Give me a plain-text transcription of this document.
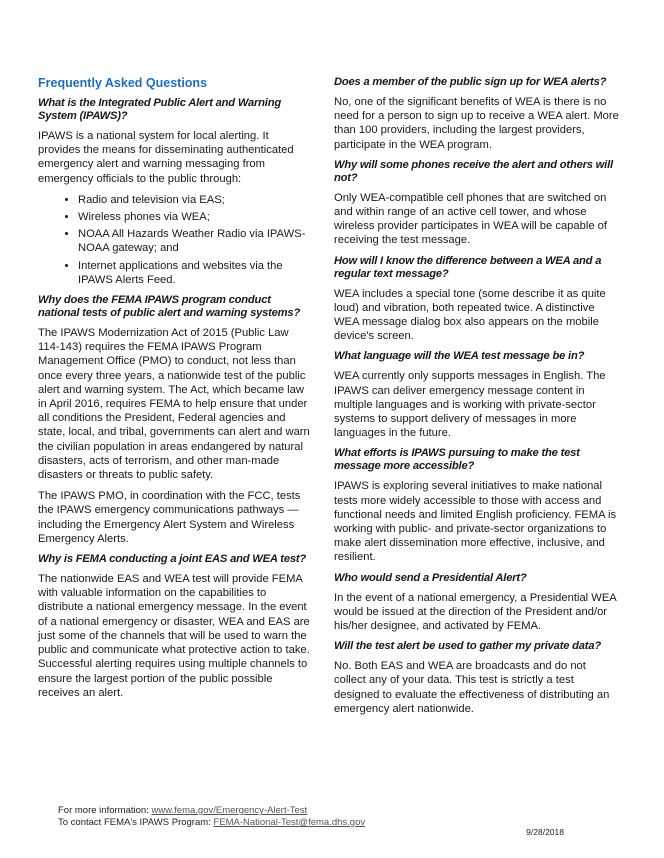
Frequently Asked Questions
What is the Integrated Public Alert and Warning System (IPAWS)?
IPAWS is a national system for local alerting. It provides the means for disseminating authenticated emergency alert and warning messaging from emergency officials to the public through:
• Radio and television via EAS;
• Wireless phones via WEA;
• NOAA All Hazards Weather Radio via IPAWS-NOAA gateway; and
• Internet applications and websites via the IPAWS Alerts Feed.
Why does the FEMA IPAWS program conduct national tests of public alert and warning systems?
The IPAWS Modernization Act of 2015 (Public Law 114-143) requires the FEMA IPAWS Program Management Office (PMO) to conduct, not less than once every three years, a nationwide test of the public alert and warning system. The Act, which became law in April 2016, requires FEMA to help ensure that under all conditions the President, Federal agencies and state, local, and tribal, governments can alert and warn the civilian population in areas endangered by natural disasters, acts of terrorism, and other man-made disasters or threats to public safety.
The IPAWS PMO, in coordination with the FCC, tests the IPAWS emergency communications pathways — including the Emergency Alert System and Wireless Emergency Alerts.
Why is FEMA conducting a joint EAS and WEA test?
The nationwide EAS and WEA test will provide FEMA with valuable information on the capabilities to distribute a national emergency message. In the event of a national emergency or disaster, WEA and EAS are just some of the channels that will be used to warn the public and communicate what protective action to take. Successful alerting requires using multiple channels to ensure the largest portion of the public possible receives an alert.
Does a member of the public sign up for WEA alerts?
No, one of the significant benefits of WEA is there is no need for a person to sign up to receive a WEA alert. More than 100 providers, including the largest providers, participate in the WEA program.
Why will some phones receive the alert and others will not?
Only WEA-compatible cell phones that are switched on and within range of an active cell tower, and whose wireless provider participates in WEA will be capable of receiving the test message.
How will I know the difference between a WEA and a regular text message?
WEA includes a special tone (some describe it as quite loud) and vibration, both repeated twice. A distinctive WEA message dialog box also appears on the mobile device's screen.
What language will the WEA test message be in?
WEA currently only supports messages in English. The IPAWS can deliver emergency message content in multiple languages and is working with private-sector systems to support delivery of messages in more languages in the future.
What efforts is IPAWS pursuing to make the test message more accessible?
IPAWS is exploring several initiatives to make national tests more widely accessible to those with access and functional needs and limited English proficiency. FEMA is working with public- and private-sector organizations to make alert dissemination more effective, inclusive, and resilient.
Who would send a Presidential Alert?
In the event of a national emergency, a Presidential WEA would be issued at the direction of the President and/or his/her designee, and activated by FEMA.
Will the test alert be used to gather my private data?
No. Both EAS and WEA are broadcasts and do not collect any of your data. This test is strictly a test designed to evaluate the effectiveness of distributing an emergency alert nationwide.
For more information: www.fema.gov/Emergency-Alert-Test
To contact FEMA's IPAWS Program: FEMA-National-Test@fema.dhs.gov
9/28/2018
